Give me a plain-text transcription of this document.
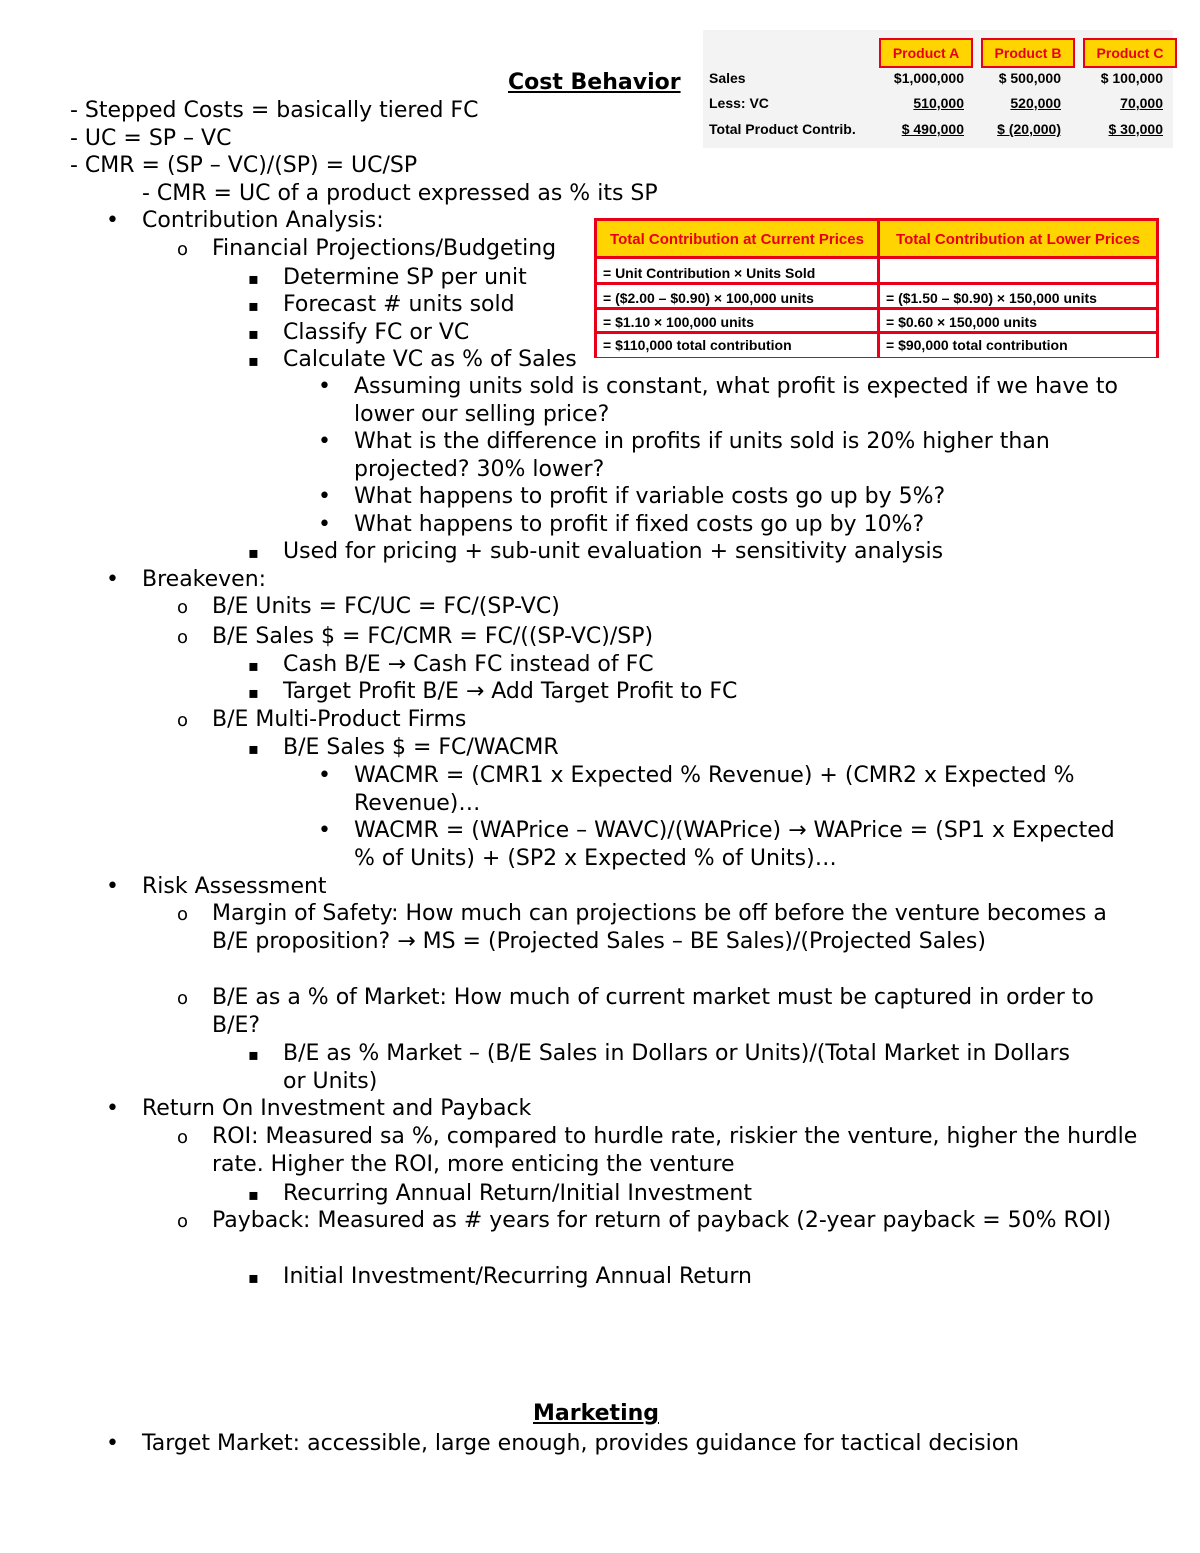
Cost Behavior
- Stepped Costs = basically tiered FC
- UC = SP – VC
- CMR = (SP – VC)/(SP) = UC/SP
- CMR = UC of a product expressed as % its SP
Product A	Product B	Product C
Sales	$1,000,000	$ 500,000	$ 100,000
Less: VC	510,000	520,000	70,000
Total Product Contrib.	$ 490,000	$ (20,000)	$ 30,000
Total Contribution at Current Prices	Total Contribution at Lower Prices
= Unit Contribution × Units Sold
= ($2.00 – $0.90) × 100,000 units	= ($1.50 – $0.90) × 150,000 units
= $1.10 × 100,000 units	= $0.60 × 150,000 units
= $110,000 total contribution	= $90,000 total contribution
•
Contribution Analysis:
o
Financial Projections/Budgeting
▪
Determine SP per unit
▪
Forecast # units sold
▪
Classify FC or VC
▪
Calculate VC as % of Sales
•
Assuming units sold is constant, what profit is expected if we have to lower our selling price?
•
What is the difference in profits if units sold is 20% higher than projected? 30% lower?
•
What happens to profit if variable costs go up by 5%?
•
What happens to profit if fixed costs go up by 10%?
▪
Used for pricing + sub-unit evaluation + sensitivity analysis
•
Breakeven:
o
B/E Units = FC/UC = FC/(SP-VC)
o
B/E Sales $ = FC/CMR = FC/((SP-VC)/SP)
▪
Cash B/E → Cash FC instead of FC
▪
Target Profit B/E → Add Target Profit to FC
o
B/E Multi-Product Firms
▪
B/E Sales $ = FC/WACMR
•
WACMR = (CMR1 x Expected % Revenue) + (CMR2 x Expected % Revenue)…
•
WACMR = (WAPrice – WAVC)/(WAPrice) → WAPrice = (SP1 x Expected % of Units) + (SP2 x Expected % of Units)…
•
Risk Assessment
o
Margin of Safety: How much can projections be off before the venture becomes a B/E proposition? → MS = (Projected Sales – BE Sales)/(Projected Sales)
o
B/E as a % of Market: How much of current market must be captured in order to B/E?
▪
B/E as % Market – (B/E Sales in Dollars or Units)/(Total Market in Dollars or Units)
•
Return On Investment and Payback
o
ROI: Measured sa %, compared to hurdle rate, riskier the venture, higher the hurdle rate. Higher the ROI, more enticing the venture
▪
Recurring Annual Return/Initial Investment
o
Payback: Measured as # years for return of payback (2-year payback = 50% ROI)
▪
Initial Investment/Recurring Annual Return
Marketing
•
Target Market: accessible, large enough, provides guidance for tactical decision
